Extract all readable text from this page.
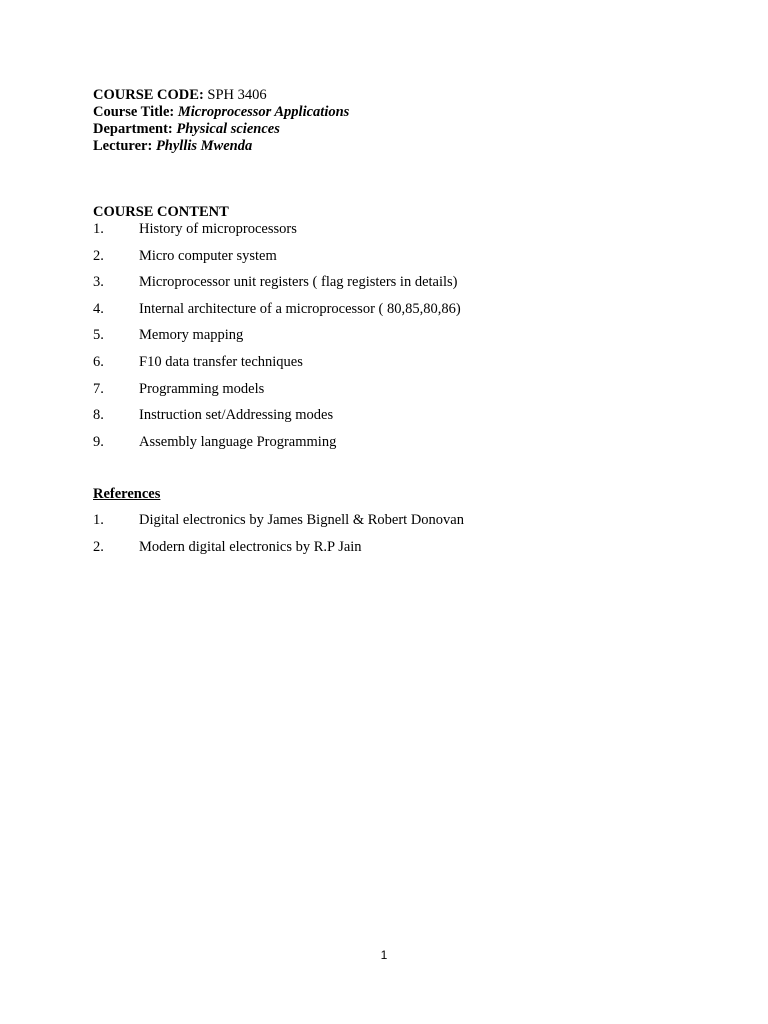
COURSE CODE: SPH 3406
Course Title: Microprocessor Applications
Department: Physical sciences
Lecturer: Phyllis Mwenda
COURSE CONTENT
1. History of microprocessors
2. Micro computer system
3. Microprocessor unit registers ( flag registers in details)
4. Internal architecture of a microprocessor ( 80,85,80,86)
5. Memory mapping
6. F10 data transfer techniques
7. Programming models
8. Instruction set/Addressing modes
9. Assembly language Programming
References
1. Digital electronics by James Bignell & Robert Donovan
2. Modern digital electronics by R.P Jain
1
